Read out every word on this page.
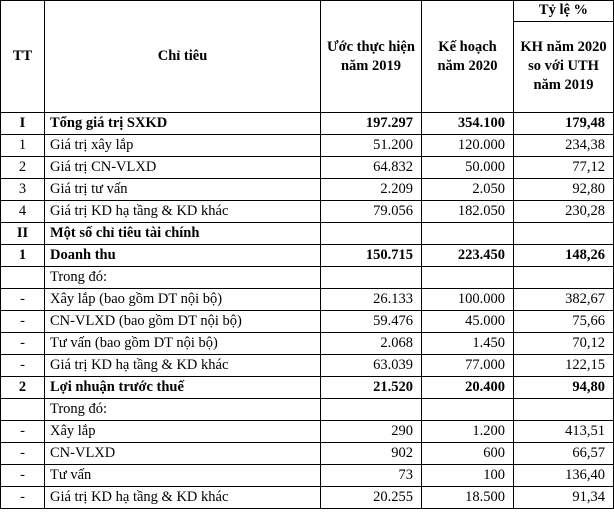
TT	Chỉ tiêu	Ước thực hiện năm 2019	Kế hoạch năm 2020	Tỷ lệ %
				KH năm 2020 so với UTH năm 2019
I	Tổng giá trị SXKD	197.297	354.100	179,48
1	Giá trị xây lắp	51.200	120.000	234,38
2	Giá trị CN-VLXD	64.832	50.000	77,12
3	Giá trị tư vấn	2.209	2.050	92,80
4	Giá trị KD hạ tầng & KD khác	79.056	182.050	230,28
II	Một số chỉ tiêu tài chính			
1	Doanh thu	150.715	223.450	148,26
	Trong đó:			
-	Xây lắp (bao gồm DT nội bộ)	26.133	100.000	382,67
-	CN-VLXD (bao gồm DT nội bộ)	59.476	45.000	75,66
-	Tư vấn (bao gồm DT nội bộ)	2.068	1.450	70,12
-	Giá trị KD hạ tầng & KD khác	63.039	77.000	122,15
2	Lợi nhuận trước thuế	21.520	20.400	94,80
	Trong đó:			
-	Xây lắp	290	1.200	413,51
-	CN-VLXD	902	600	66,57
-	Tư vấn	73	100	136,40
-	Giá trị KD hạ tầng & KD khác	20.255	18.500	91,34
